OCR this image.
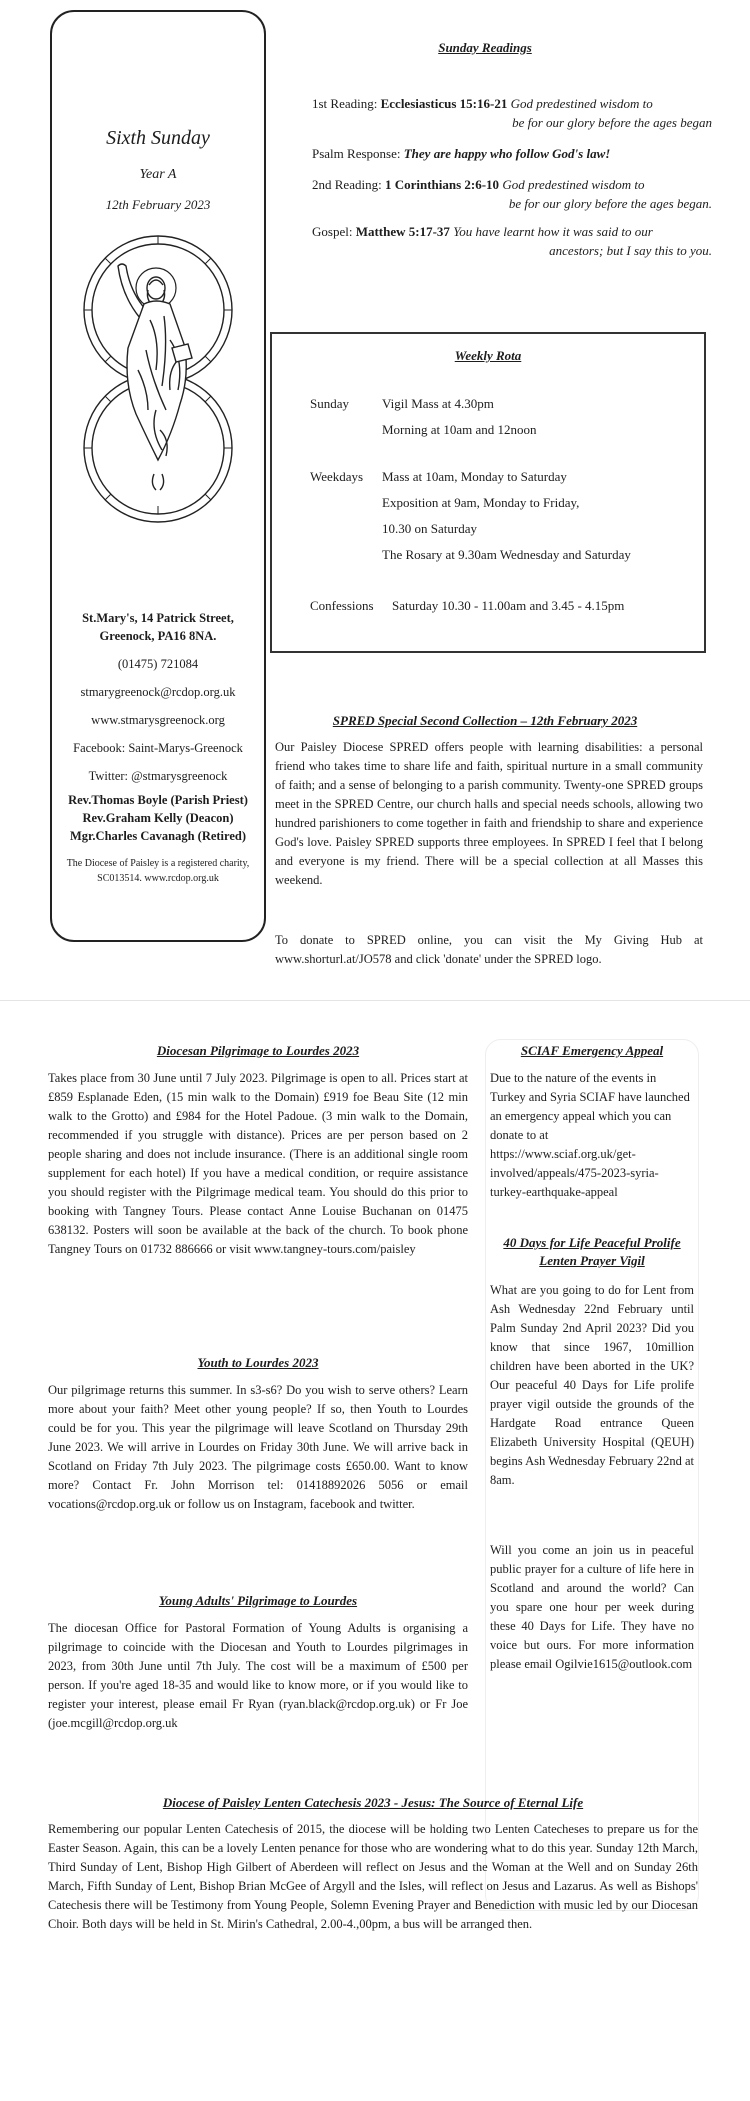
Sixth Sunday
Year A
12th February 2023
St.Mary's, 14 Patrick Street,
Greenock, PA16 8NA.
(01475) 721084
stmarygreenock@rcdop.org.uk
www.stmarysgreenock.org
Facebook: Saint-Marys-Greenock
Twitter: @stmarysgreenock
Rev.Thomas Boyle (Parish Priest)
Rev.Graham Kelly (Deacon)
Mgr.Charles Cavanagh (Retired)
The Diocese of Paisley is a registered charity,
SC013514. www.rcdop.org.uk
Sunday Readings
1st Reading: Ecclesiasticus 15:16-21 God predestined wisdom to
be for our glory before the ages began
Psalm Response: They are happy who follow God's law!
2nd Reading: 1 Corinthians 2:6-10 God predestined wisdom to
be for our glory before the ages began.
Gospel: Matthew 5:17-37 You have learnt how it was said to our
ancestors; but I say this to you.
Weekly Rota
Sunday	Vigil Mass at 4.30pm
Morning at 10am and 12noon
Weekdays Mass at 10am, Monday to Saturday
Exposition at 9am, Monday to Friday,
10.30 on Saturday
The Rosary at 9.30am Wednesday and Saturday
Confessions Saturday 10.30 - 11.00am and 3.45 - 4.15pm
SPRED Special Second Collection – 12th February 2023
Our Paisley Diocese SPRED offers people with learning disabilities: a personal friend who takes time to share life and faith, spiritual nurture in a small community of faith; and a sense of belonging to a parish community. Twenty-one SPRED groups meet in the SPRED Centre, our church halls and special needs schools, allowing two hundred parishioners to come together in faith and friendship to share and experience God's love. Paisley SPRED supports three employees. In SPRED I feel that I belong and everyone is my friend. There will be a special collection at all Masses this weekend.
To donate to SPRED online, you can visit the My Giving Hub at www.shorturl.at/JO578 and click 'donate' under the SPRED logo.
Diocesan Pilgrimage to Lourdes 2023
Takes place from 30 June until 7 July 2023. Pilgrimage is open to all. Prices start at £859 Esplanade Eden, (15 min walk to the Domain) £919 foe Beau Site (12 min walk to the Grotto) and £984 for the Hotel Padoue. (3 min walk to the Domain, recommended if you struggle with distance). Prices are per person based on 2 people sharing and does not include insurance. (There is an additional single room supplement for each hotel) If you have a medical condition, or require assistance you should register with the Pilgrimage medical team. You should do this prior to booking with Tangney Tours. Please contact Anne Louise Buchanan on 01475 638132. Posters will soon be available at the back of the church. To book phone Tangney Tours on 01732 886666 or visit www.tangney-tours.com/paisley
Youth to Lourdes 2023
Our pilgrimage returns this summer. In s3-s6? Do you wish to serve others? Learn more about your faith? Meet other young people? If so, then Youth to Lourdes could be for you. This year the pilgrimage will leave Scotland on Thursday 29th June 2023. We will arrive in Lourdes on Friday 30th June. We will arrive back in Scotland on Friday 7th July 2023. The pilgrimage costs £650.00. Want to know more? Contact Fr. John Morrison tel: 01418892026 5056 or email vocations@rcdop.org.uk or follow us on Instagram, facebook and twitter.
Young Adults' Pilgrimage to Lourdes
The diocesan Office for Pastoral Formation of Young Adults is organising a pilgrimage to coincide with the Diocesan and Youth to Lourdes pilgrimages in 2023, from 30th June until 7th July. The cost will be a maximum of £500 per person. If you're aged 18-35 and would like to know more, or if you would like to register your interest, please email Fr Ryan (ryan.black@rcdop.org.uk) or Fr Joe (joe.mcgill@rcdop.org.uk
SCIAF Emergency Appeal
Due to the nature of the events in Turkey and Syria SCIAF have launched an emergency appeal which you can donate to at https://www.sciaf.org.uk/get-involved/appeals/475-2023-syria-turkey-earthquake-appeal
40 Days for Life Peaceful Prolife
Lenten Prayer Vigil
What are you going to do for Lent from Ash Wednesday 22nd February until Palm Sunday 2nd April 2023? Did you know that since 1967, 10million children have been aborted in the UK? Our peaceful 40 Days for Life prolife prayer vigil outside the grounds of the Hardgate Road entrance Queen Elizabeth University Hospital (QEUH) begins Ash Wednesday February 22nd at 8am.
Will you come an join us in peaceful public prayer for a culture of life here in Scotland and around the world? Can you spare one hour per week during these 40 Days for Life. They have no voice but ours. For more information please email Ogilvie1615@outlook.com
Diocese of Paisley Lenten Catechesis 2023 - Jesus: The Source of Eternal Life
Remembering our popular Lenten Catechesis of 2015, the diocese will be holding two Lenten Catecheses to prepare us for the Easter Season. Again, this can be a lovely Lenten penance for those who are wondering what to do this year. Sunday 12th March, Third Sunday of Lent, Bishop High Gilbert of Aberdeen will reflect on Jesus and the Woman at the Well and on Sunday 26th March, Fifth Sunday of Lent, Bishop Brian McGee of Argyll and the Isles, will reflect on Jesus and Lazarus. As well as Bishops' Catechesis there will be Testimony from Young People, Solemn Evening Prayer and Benediction with music led by our Diocesan Choir. Both days will be held in St. Mirin's Cathedral, 2.00-4.,00pm, a bus will be arranged then.
